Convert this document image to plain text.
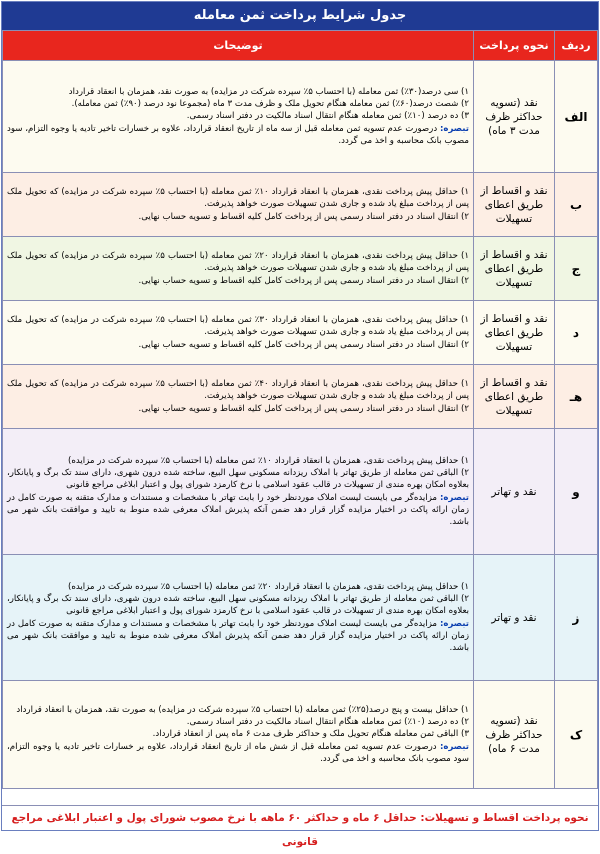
جدول شرایط پرداخت ثمن معامله
ردیف	نحوه پرداخت	توضیحات
الف	نقد (تسویه حداکثر ظرف مدت ۳ ماه)	۱) سی درصد(۳۰٪) ثمن معامله (با احتساب ۵٪ سپرده شرکت در مزایده) به صورت نقد، همزمان با انعقاد قرارداد
۲) شصت درصد(۶۰٪) ثمن معامله هنگام تحویل ملک و ظرف مدت ۳ ماه (مجموعا نود درصد (۹۰٪) ثمن معامله).
۳) ده درصد (۱۰٪) ثمن معامله هنگام انتقال اسناد مالکیت در دفتر اسناد رسمی.
تبصره: درصورت عدم تسویه ثمن معامله قبل از سه ماه از تاریخ انعقاد قرارداد، علاوه بر خسارات تاخیر تادیه یا وجوه التزام، سود مصوب بانک محاسبه و اخذ می گردد.

ب	نقد و اقساط از طریق اعطای تسهیلات	۱) حداقل پیش پرداخت نقدی، همزمان با انعقاد قرارداد ۱۰٪ ثمن معامله (با احتساب ۵٪ سپرده شرکت در مزایده) که تحویل ملک پس از پرداخت مبلغ یاد شده و جاری شدن تسهیلات صورت خواهد پذیرفت.
۲) انتقال اسناد در دفتر اسناد رسمی پس از پرداخت کامل کلیه اقساط و تسویه حساب نهایی.

ج	نقد و اقساط از طریق اعطای تسهیلات	۱) حداقل پیش پرداخت نقدی، همزمان با انعقاد قرارداد ۲۰٪ ثمن معامله (با احتساب ۵٪ سپرده شرکت در مزایده) که تحویل ملک پس از پرداخت مبلغ یاد شده و جاری شدن تسهیلات صورت خواهد پذیرفت.
۲) انتقال اسناد در دفتر اسناد رسمی پس از پرداخت کامل کلیه اقساط و تسویه حساب نهایی.

د	نقد و اقساط از طریق اعطای تسهیلات	۱) حداقل پیش پرداخت نقدی، همزمان با انعقاد قرارداد ۳۰٪ ثمن معامله (با احتساب ۵٪ سپرده شرکت در مزایده) که تحویل ملک پس از پرداخت مبلغ یاد شده و جاری شدن تسهیلات صورت خواهد پذیرفت.
۲) انتقال اسناد در دفتر اسناد رسمی پس از پرداخت کامل کلیه اقساط و تسویه حساب نهایی.

هـ	نقد و اقساط از طریق اعطای تسهیلات	۱) حداقل پیش پرداخت نقدی، همزمان با انعقاد قرارداد ۴۰٪ ثمن معامله (با احتساب ۵٪ سپرده شرکت در مزایده) که تحویل ملک پس از پرداخت مبلغ یاد شده و جاری شدن تسهیلات صورت خواهد پذیرفت.
۲) انتقال اسناد در دفتر اسناد رسمی پس از پرداخت کامل کلیه اقساط و تسویه حساب نهایی.

و	نقد و تهاتر	۱) حداقل پیش پرداخت نقدی، همزمان با انعقاد قرارداد ۱۰٪ ثمن معامله (با احتساب ۵٪ سپرده شرکت در مزایده)
۲) الباقی ثمن معامله از طریق تهاتر با املاک ریزدانه مسکونی سهل البیع، ساخته شده درون شهری، دارای سند تک برگ و پایانکار، بعلاوه امکان بهره مندی از تسهیلات در قالب عقود اسلامی با نرخ کارمزد شورای پول و اعتبار ابلاغی مراجع قانونی
تبصره: مزایده‌گر می بایست لیست املاک موردنظر خود را بابت تهاتر با مشخصات و مستندات و مدارک متقنه به صورت کامل در زمان ارائه پاکت در اختیار مزایده گزار قرار دهد ضمن آنکه پذیرش املاک معرفی شده منوط به تایید و موافقت بانک شهر می باشد.

ز	نقد و تهاتر	۱) حداقل پیش پرداخت نقدی، همزمان با انعقاد قرارداد ۲۰٪ ثمن معامله (با احتساب ۵٪ سپرده شرکت در مزایده)
۲) الباقی ثمن معامله از طریق تهاتر با املاک ریزدانه مسکونی سهل البیع، ساخته شده درون شهری، دارای سند تک برگ و پایانکار، بعلاوه امکان بهره مندی از تسهیلات در قالب عقود اسلامی با نرخ کارمزد شورای پول و اعتبار ابلاغی مراجع قانونی
تبصره: مزایده‌گر می بایست لیست املاک موردنظر خود را بابت تهاتر با مشخصات و مستندات و مدارک متقنه به صورت کامل در زمان ارائه پاکت در اختیار مزایده گزار قرار دهد ضمن آنکه پذیرش املاک معرفی شده منوط به تایید و موافقت بانک شهر می باشد.

ک	نقد (تسویه حداکثر ظرف مدت ۶ ماه)	۱) حداقل بیست و پنج درصد(۲۵٪) ثمن معامله (با احتساب ۵٪ سپرده شرکت در مزایده) به صورت نقد، همزمان با انعقاد قرارداد
۲) ده درصد (۱۰٪) ثمن معامله هنگام انتقال اسناد مالکیت در دفتر اسناد رسمی.
۳) الباقی ثمن معامله هنگام تحویل ملک و حداکثر ظرف مدت ۶ ماه پس از انعقاد قرارداد.
تبصره: درصورت عدم تسویه ثمن معامله قبل از شش ماه از تاریخ انعقاد قرارداد، علاوه بر خسارات تاخیر تادیه یا وجوه التزام، سود مصوب بانک محاسبه و اخذ می گردد.
نحوه پرداخت اقساط و تسهیلات: حداقل ۶ ماه و حداکثر ۶۰ ماهه با نرخ مصوب شورای پول و اعتبار ابلاغی مراجع قانونی
